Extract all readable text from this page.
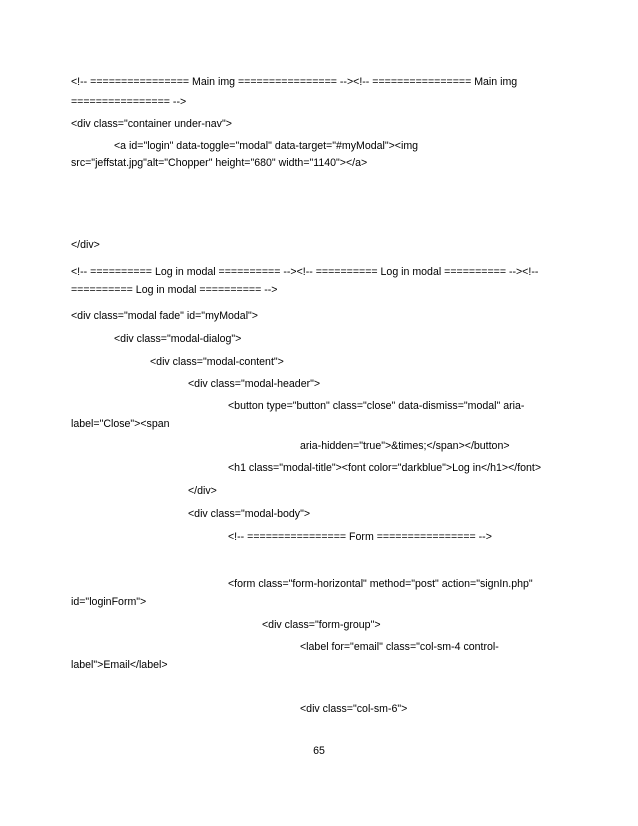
<!-- ================ Main img ================ --><!-- ================ Main img
================ -->
<div class="container under-nav">
<a id="login" data-toggle="modal" data-target="#myModal"><img
src="jeffstat.jpg"alt="Chopper" height="680" width="1140"></a>
</div>
<!-- ========== Log in modal ========== --><!-- ========== Log in modal ========== --><!--
========== Log in modal ========== -->
<div class="modal fade" id="myModal">
<div class="modal-dialog">
<div class="modal-content">
<div class="modal-header">
<button type="button" class="close" data-dismiss="modal" aria-
label="Close"><span
aria-hidden="true">&times;</span></button>
<h1 class="modal-title"><font color="darkblue">Log in</h1></font>
</div>
<div class="modal-body">
<!-- ================ Form ================ -->
<form class="form-horizontal" method="post" action="signIn.php"
id="loginForm">
<div class="form-group">
<label for="email" class="col-sm-4 control-
label">Email</label>
<div class="col-sm-6">
65
